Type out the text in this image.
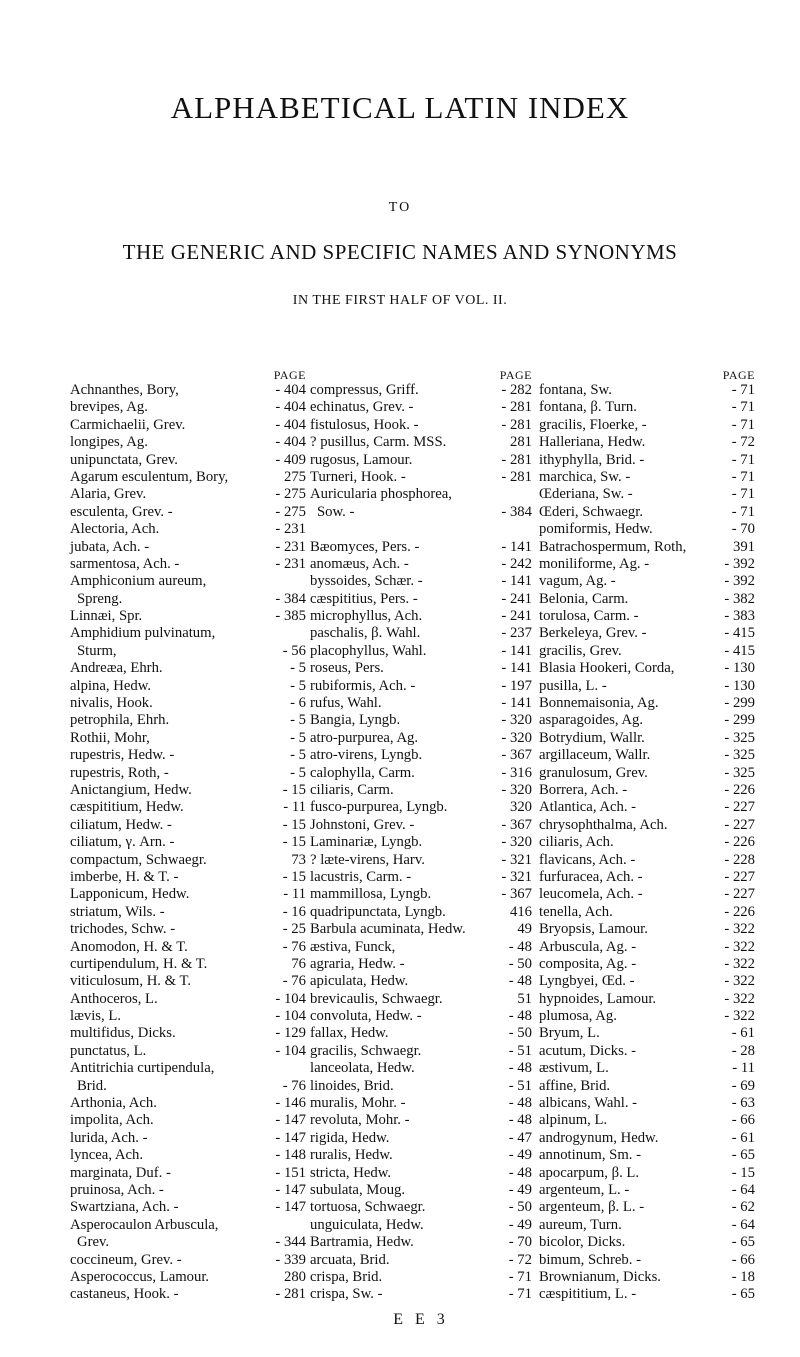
ALPHABETICAL LATIN INDEX
TO
THE GENERIC AND SPECIFIC NAMES AND SYNONYMS
IN THE FIRST HALF OF VOL. II.
PAGE
Achnanthes, Bory,	- 404
brevipes, Ag.	- 404
Carmichaelii, Grev.	- 404
longipes, Ag.	- 404
unipunctata, Grev.	- 409
Agarum esculentum, Bory,	275
Alaria, Grev.	- 275
esculenta, Grev. -	- 275
Alectoria, Ach.	- 231
jubata, Ach. -	- 231
sarmentosa, Ach. -	- 231
Amphiconium aureum,
Spreng.	- 384
Linnæi, Spr.	- 385
Amphidium pulvinatum,
Sturm,	- 56
Andreæa, Ehrh.	- 5
alpina, Hedw.	- 5
nivalis, Hook.	- 6
petrophila, Ehrh.	- 5
Rothii, Mohr,	- 5
rupestris, Hedw. -	- 5
rupestris, Roth, -	- 5
Anictangium, Hedw.	- 15
cæspititium, Hedw.	- 11
ciliatum, Hedw. -	- 15
ciliatum, γ. Arn. -	- 15
compactum, Schwaegr.	73
imberbe, H. & T. -	- 15
Lapponicum, Hedw.	- 11
striatum, Wils. -	- 16
trichodes, Schw. -	- 25
Anomodon, H. & T.	- 76
curtipendulum, H. & T.	76
viticulosum, H. & T.	- 76
Anthoceros, L.	- 104
lævis, L.	- 104
multifidus, Dicks.	- 129
punctatus, L.	- 104
Antitrichia curtipendula,
Brid.	- 76
Arthonia, Ach.	- 146
impolita, Ach.	- 147
lurida, Ach. -	- 147
lyncea, Ach.	- 148
marginata, Duf. -	- 151
pruinosa, Ach. -	- 147
Swartziana, Ach. -	- 147
Asperocaulon Arbuscula,
Grev.	- 344
coccineum, Grev. -	- 339
Asperococcus, Lamour.	280
castaneus, Hook. -	- 281
PAGE
compressus, Griff.	- 282
echinatus, Grev. -	- 281
fistulosus, Hook. -	- 281
? pusillus, Carm. MSS.	281
rugosus, Lamour.	- 281
Turneri, Hook. -	- 281
Auricularia phosphorea,
Sow. -	- 384
Bæomyces, Pers. -	- 141
anomæus, Ach. -	- 242
byssoides, Schær. -	- 141
cæspititius, Pers. -	- 241
microphyllus, Ach.	- 241
paschalis, β. Wahl.	- 237
placophyllus, Wahl.	- 141
roseus, Pers.	- 141
rubiformis, Ach. -	- 197
rufus, Wahl.	- 141
Bangia, Lyngb.	- 320
atro-purpurea, Ag.	- 320
atro-virens, Lyngb.	- 367
calophylla, Carm.	- 316
ciliaris, Carm.	- 320
fusco-purpurea, Lyngb.	320
Johnstoni, Grev. -	- 367
Laminariæ, Lyngb.	- 320
? læte-virens, Harv.	- 321
lacustris, Carm. -	- 321
mammillosa, Lyngb.	- 367
quadripunctata, Lyngb.	416
Barbula acuminata, Hedw.	49
æstiva, Funck,	- 48
agraria, Hedw. -	- 50
apiculata, Hedw.	- 48
brevicaulis, Schwaegr.	51
convoluta, Hedw. -	- 48
fallax, Hedw.	- 50
gracilis, Schwaegr.	- 51
lanceolata, Hedw.	- 48
linoides, Brid.	- 51
muralis, Mohr. -	- 48
revoluta, Mohr. -	- 48
rigida, Hedw.	- 47
ruralis, Hedw.	- 49
stricta, Hedw.	- 48
subulata, Moug.	- 49
tortuosa, Schwaegr.	- 50
unguiculata, Hedw.	- 49
Bartramia, Hedw.	- 70
arcuata, Brid.	- 72
crispa, Brid.	- 71
crispa, Sw. -	- 71
PAGE
fontana, Sw.	- 71
fontana, β. Turn.	- 71
gracilis, Floerke, -	- 71
Halleriana, Hedw.	- 72
ithyphylla, Brid. -	- 71
marchica, Sw. -	- 71
Œderiana, Sw. -	- 71
Œderi, Schwaegr.	- 71
pomiformis, Hedw.	- 70
Batrachospermum, Roth,	391
moniliforme, Ag. -	- 392
vagum, Ag. -	- 392
Belonia, Carm.	- 382
torulosa, Carm. -	- 383
Berkeleya, Grev. -	- 415
gracilis, Grev.	- 415
Blasia Hookeri, Corda,	- 130
pusilla, L. -	- 130
Bonnemaisonia, Ag.	- 299
asparagoides, Ag.	- 299
Botrydium, Wallr.	- 325
argillaceum, Wallr.	- 325
granulosum, Grev.	- 325
Borrera, Ach. -	- 226
Atlantica, Ach. -	- 227
chrysophthalma, Ach.	- 227
ciliaris, Ach.	- 226
flavicans, Ach. -	- 228
furfuracea, Ach. -	- 227
leucomela, Ach. -	- 227
tenella, Ach.	- 226
Bryopsis, Lamour.	- 322
Arbuscula, Ag. -	- 322
composita, Ag. -	- 322
Lyngbyei, Œd. -	- 322
hypnoides, Lamour.	- 322
plumosa, Ag.	- 322
Bryum, L.	- 61
acutum, Dicks. -	- 28
æstivum, L.	- 11
affine, Brid.	- 69
albicans, Wahl. -	- 63
alpinum, L.	- 66
androgynum, Hedw.	- 61
annotinum, Sm. -	- 65
apocarpum, β. L.	- 15
argenteum, L. -	- 64
argenteum, β. L. -	- 62
aureum, Turn.	- 64
bicolor, Dicks.	- 65
bimum, Schreb. -	- 66
Brownianum, Dicks.	- 18
cæspititium, L. -	- 65
E E 3
